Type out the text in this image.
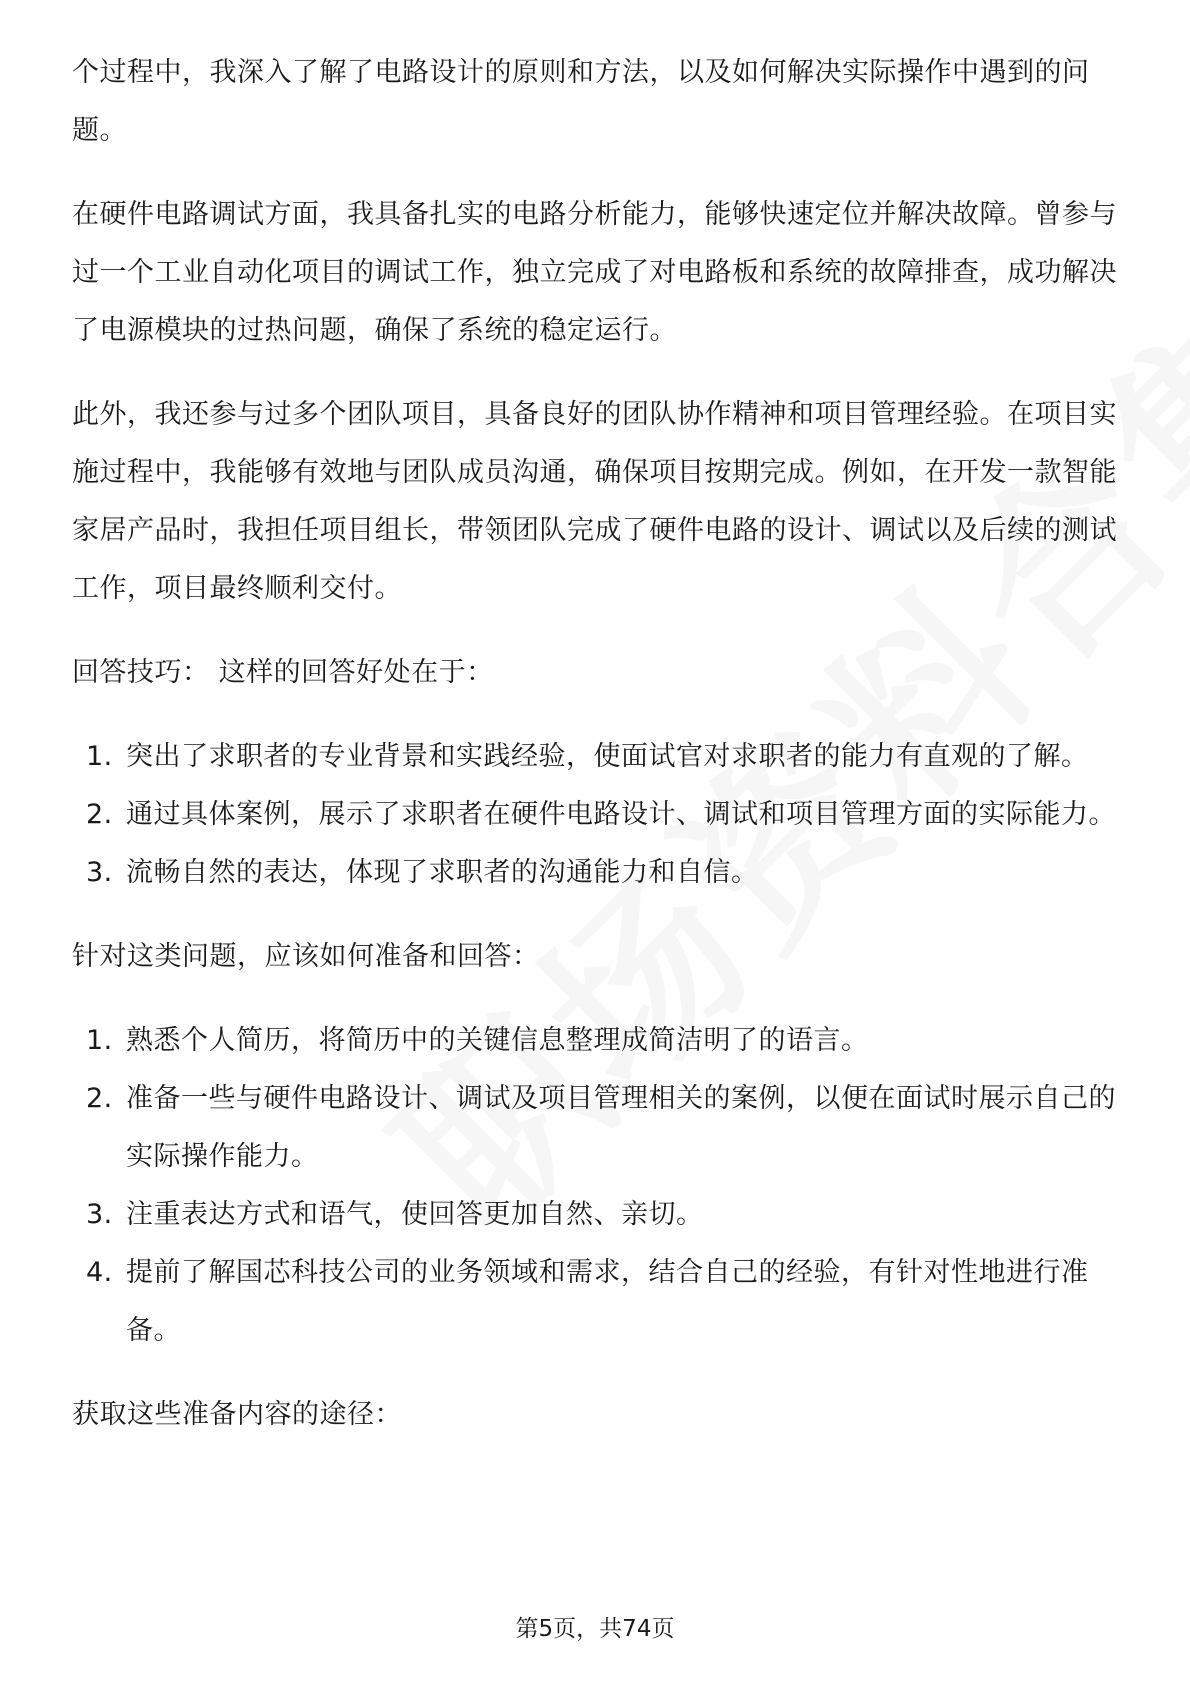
个过程中，我深入了解了电路设计的原则和方法，以及如何解决实际操作中遇到的问题。

在硬件电路调试方面，我具备扎实的电路分析能力，能够快速定位并解决故障。曾参与过一个工业自动化项目的调试工作，独立完成了对电路板和系统的故障排查，成功解决了电源模块的过热问题，确保了系统的稳定运行。

此外，我还参与过多个团队项目，具备良好的团队协作精神和项目管理经验。在项目实施过程中，我能够有效地与团队成员沟通，确保项目按期完成。例如，在开发一款智能家居产品时，我担任项目组长，带领团队完成了硬件电路的设计、调试以及后续的测试工作，项目最终顺利交付。

回答技巧： 这样的回答好处在于：

1. 突出了求职者的专业背景和实践经验，使面试官对求职者的能力有直观的了解。
2. 通过具体案例，展示了求职者在硬件电路设计、调试和项目管理方面的实际能力。
3. 流畅自然的表达，体现了求职者的沟通能力和自信。

针对这类问题，应该如何准备和回答：

1. 熟悉个人简历，将简历中的关键信息整理成简洁明了的语言。
2. 准备一些与硬件电路设计、调试及项目管理相关的案例，以便在面试时展示自己的实际操作能力。
3. 注重表达方式和语气，使回答更加自然、亲切。
4. 提前了解国芯科技公司的业务领域和需求，结合自己的经验，有针对性地进行准备。

获取这些准备内容的途径：

第5页，共74页
